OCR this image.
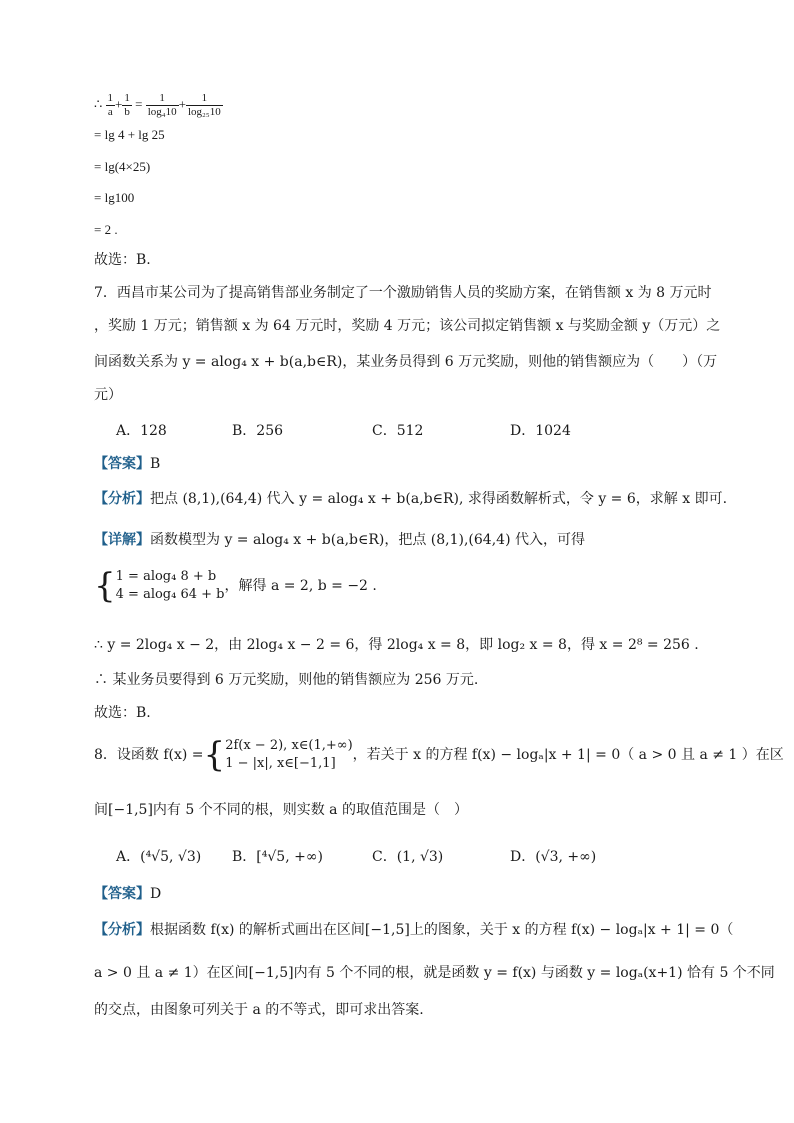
∴ $\frac{1}{a} + \frac{1}{b} = \frac{1}{\text{log₄10}} + \frac{1}{\text{log₂₅10}}$
= lg 4 + lg 25
= lg(4×25)
= lg100
= 2 .
故选：B.
7．西昌市某公司为了提高销售部业务制定了一个激励销售人员的奖励方案，在销售额 x 为 8 万元时
，奖励 1 万元；销售额 x 为 64 万元时，奖励 4 万元；该公司拟定销售额 x 与奖励金额 y（万元）之
间函数关系为 y = alog₄ x + b(a,b∈R)，某业务员得到 6 万元奖励，则他的销售额应为（　　）（万
元）
A．128	B．256	C．512	D．1024
【答案】B
【分析】把点 (8,1),(64,4) 代入 y = alog₄ x + b(a,b∈R), 求得函数解析式，令 y = 6，求解 x 即可.
【详解】函数模型为 y = alog₄ x + b(a,b∈R)，把点 (8,1),(64,4) 代入，可得
{ 1 = alog₄ 8 + b
4 = alog₄ 64 + b
，解得 a = 2, b = −2 .
∴ y = 2log₄ x − 2，由 2log₄ x − 2 = 6，得 2log₄ x = 8，即 log₂ x = 8，得 x = 2⁸ = 256 .
∴ 某业务员要得到 6 万元奖励，则他的销售额应为 256 万元.
故选：B.
8．设函数 f(x) ={ 2f(x − 2), x∈(1,+∞)
1 − |x|, x∈[−1,1]
，若关于 x 的方程 f(x) − logₐ|x + 1| = 0（ a > 0 且 a ≠ 1 ）在区
间[−1,5]内有 5 个不同的根，则实数 a 的取值范围是（　）
A．(⁴√5, √3) B．[⁴√5, +∞)	C．(1, √3)	D．(√3, +∞)
【答案】D
【分析】根据函数 f(x) 的解析式画出在区间[−1,5]上的图象，关于 x 的方程 f(x) − logₐ|x + 1| = 0（
a > 0 且 a ≠ 1）在区间[−1,5]内有 5 个不同的根，就是函数 y = f(x) 与函数 y = logₐ(x+1) 恰有 5 个不同
的交点，由图象可列关于 a 的不等式，即可求出答案.
